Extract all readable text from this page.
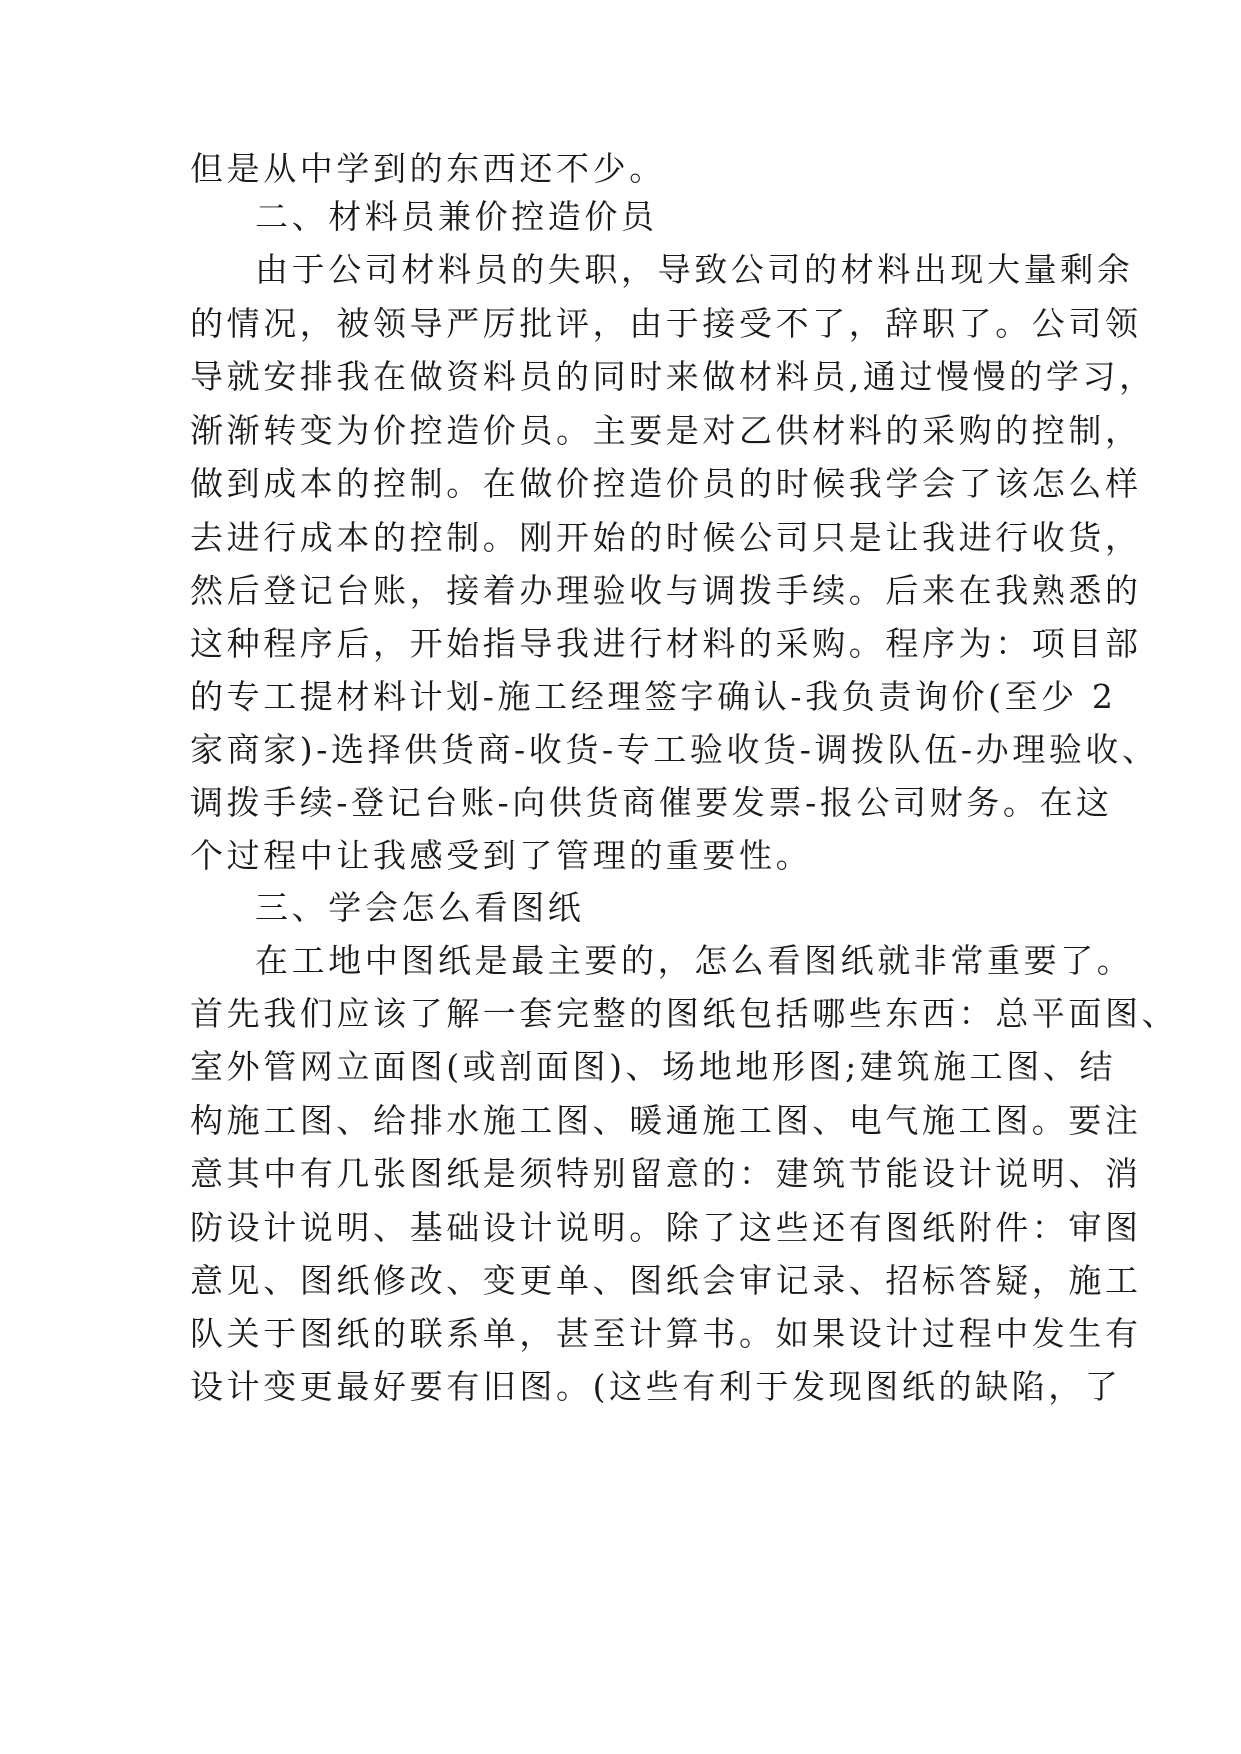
但是从中学到的东西还不少。
二、材料员兼价控造价员
由于公司材料员的失职，导致公司的材料出现大量剩余
的情况，被领导严厉批评，由于接受不了，辞职了。公司领
导就安排我在做资料员的同时来做材料员,通过慢慢的学习，
渐渐转变为价控造价员。主要是对乙供材料的采购的控制，
做到成本的控制。在做价控造价员的时候我学会了该怎么样
去进行成本的控制。刚开始的时候公司只是让我进行收货，
然后登记台账，接着办理验收与调拨手续。后来在我熟悉的
这种程序后，开始指导我进行材料的采购。程序为：项目部
的专工提材料计划-施工经理签字确认-我负责询价(至少 2
家商家)-选择供货商-收货-专工验收货-调拨队伍-办理验收、
调拨手续-登记台账-向供货商催要发票-报公司财务。在这
个过程中让我感受到了管理的重要性。
三、学会怎么看图纸
在工地中图纸是最主要的，怎么看图纸就非常重要了。
首先我们应该了解一套完整的图纸包括哪些东西：总平面图、
室外管网立面图(或剖面图)、场地地形图;建筑施工图、结
构施工图、给排水施工图、暖通施工图、电气施工图。要注
意其中有几张图纸是须特别留意的：建筑节能设计说明、消
防设计说明、基础设计说明。除了这些还有图纸附件：审图
意见、图纸修改、变更单、图纸会审记录、招标答疑，施工
队关于图纸的联系单，甚至计算书。如果设计过程中发生有
设计变更最好要有旧图。(这些有利于发现图纸的缺陷，了
